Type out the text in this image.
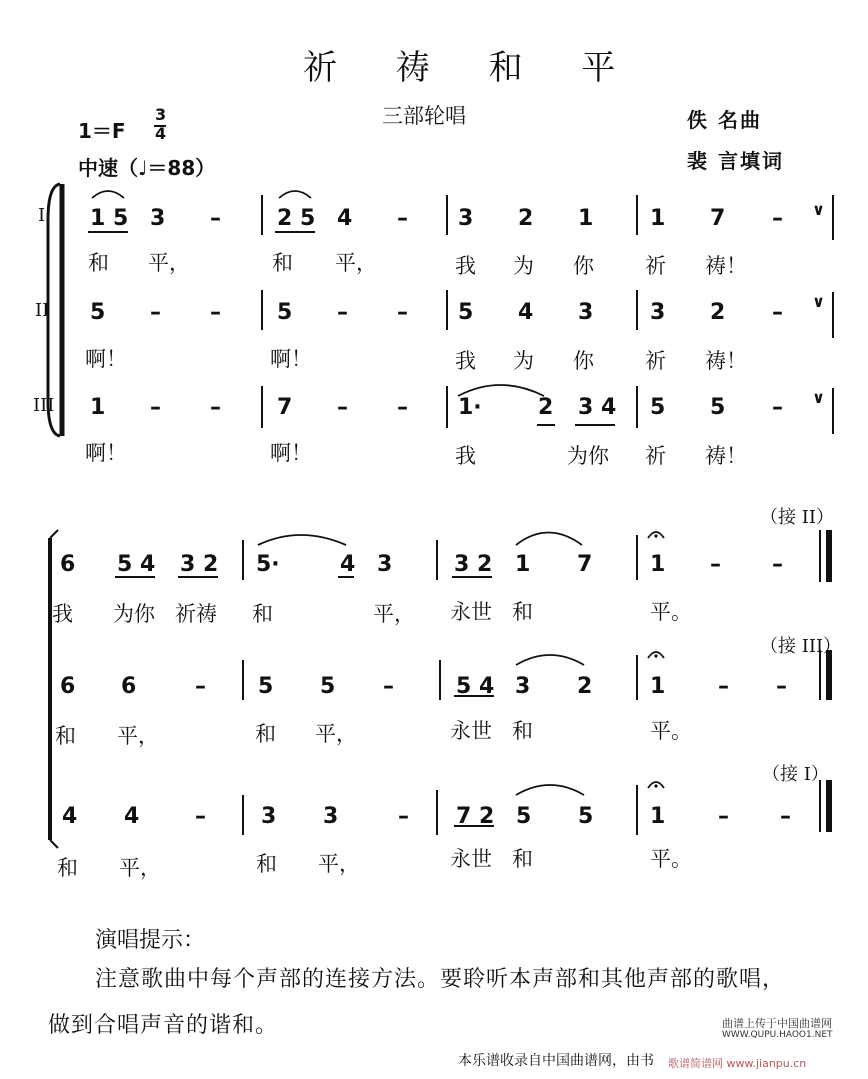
祈 祷 和 平
三部轮唱
1＝F
3
4
中速（♩＝88）
佚 名曲
裴 言填词
I
II
III
1 5 3 –	2 5 4 – 3 2 1	1 7 – ∨
和 平，	和 平，	我 为 你 祈 祷！
5 – –	5 – – 5 4 3	3 2 – ∨
啊！	啊！	我 为 你 祈 祷！
1 – –	7 – – 1·	2 3 4 5 5 – ∨
啊！	啊！	我	为你 祈 祷！
（接 II）
（接 III）
（接 I）
6 5 4 3 2 5·	4 3	3 2 1 7	1 – –
我 为你 祈祷 和	平， 永世 和	平。
6 6	– 5 5 –	5 4 3 2	1 – –
和 平，	和 平，	永世 和	平。
4 4	–	3 3	– 7 2 5 5	1 – –
和 平，	和 平，	永世 和	平。
演唱提示：
注意歌曲中每个声部的连接方法。要聆听本声部和其他声部的歌唱，
做到合唱声音的谐和。
本乐谱收录自中国曲谱网，由书
曲谱上传于中国曲谱网
WWW.QUPU.HAOO1.NET
歌谱简谱网 www.jianpu.cn
